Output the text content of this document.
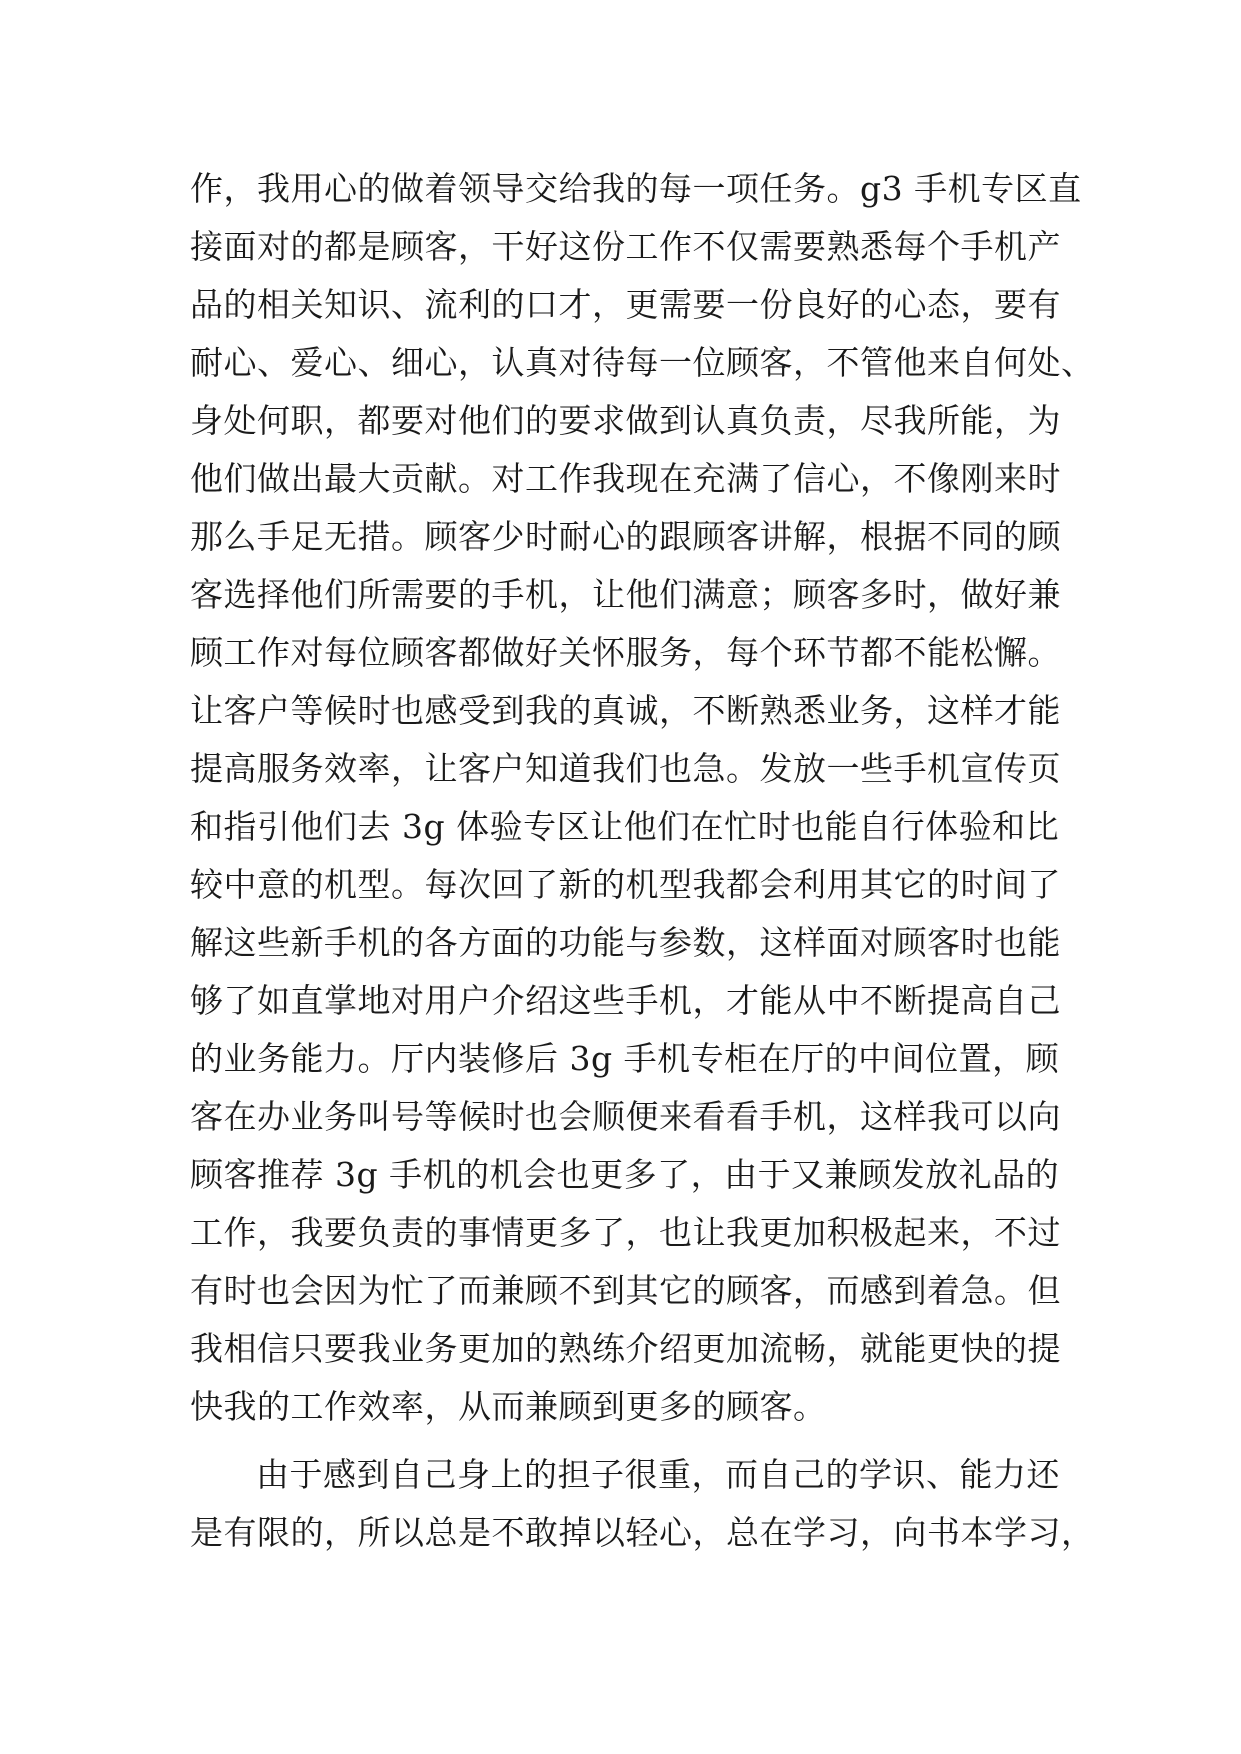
作，我用心的做着领导交给我的每一项任务。g3 手机专区直
接面对的都是顾客，干好这份工作不仅需要熟悉每个手机产
品的相关知识、流利的口才，更需要一份良好的心态，要有
耐心、爱心、细心，认真对待每一位顾客，不管他来自何处、
身处何职，都要对他们的要求做到认真负责，尽我所能，为
他们做出最大贡献。对工作我现在充满了信心，不像刚来时
那么手足无措。顾客少时耐心的跟顾客讲解，根据不同的顾
客选择他们所需要的手机，让他们满意；顾客多时，做好兼
顾工作对每位顾客都做好关怀服务，每个环节都不能松懈。
让客户等候时也感受到我的真诚，不断熟悉业务，这样才能
提高服务效率，让客户知道我们也急。发放一些手机宣传页
和指引他们去 3g 体验专区让他们在忙时也能自行体验和比
较中意的机型。每次回了新的机型我都会利用其它的时间了
解这些新手机的各方面的功能与参数，这样面对顾客时也能
够了如直掌地对用户介绍这些手机，才能从中不断提高自己
的业务能力。厅内装修后 3g 手机专柜在厅的中间位置，顾
客在办业务叫号等候时也会顺便来看看手机，这样我可以向
顾客推荐 3g 手机的机会也更多了，由于又兼顾发放礼品的
工作，我要负责的事情更多了，也让我更加积极起来，不过
有时也会因为忙了而兼顾不到其它的顾客，而感到着急。但
我相信只要我业务更加的熟练介绍更加流畅，就能更快的提
快我的工作效率，从而兼顾到更多的顾客。
由于感到自己身上的担子很重，而自己的学识、能力还
是有限的，所以总是不敢掉以轻心，总在学习，向书本学习，
